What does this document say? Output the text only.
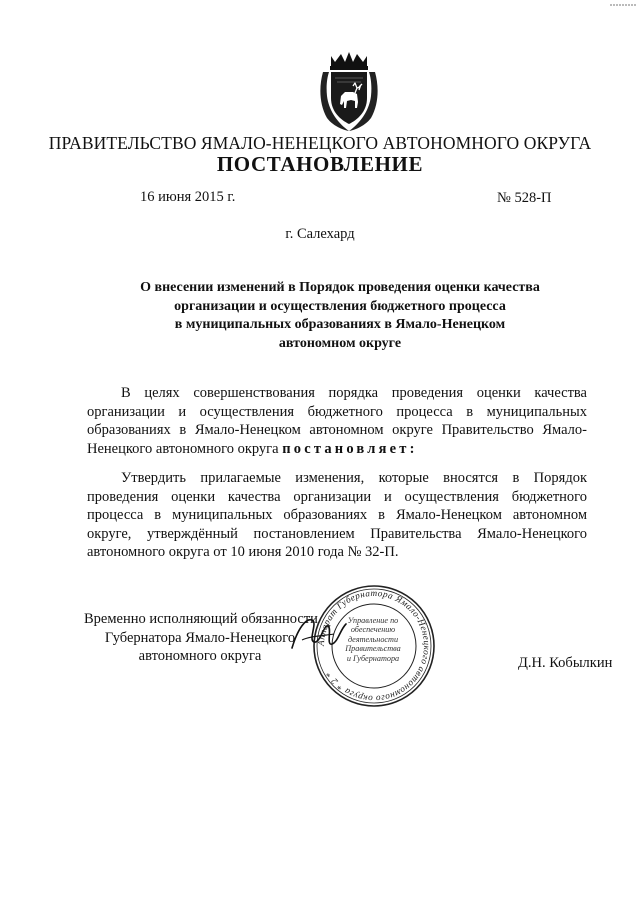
ПРАВИТЕЛЬСТВО ЯМАЛО-НЕНЕЦКОГО АВТОНОМНОГО ОКРУГА
ПОСТАНОВЛЕНИЕ
16 июня 2015 г.	№ 528-П
г. Салехард
О внесении изменений в Порядок проведения оценки качества
организации и осуществления бюджетного процесса
в муниципальных образованиях в Ямало-Ненецком
автономном округе
В целях совершенствования порядка проведения оценки качества организации и осуществления бюджетного процесса в муниципальных образованиях в Ямало-Ненецком автономном округе Правительство Ямало-Ненецкого автономного округа постановляет:
Утвердить прилагаемые изменения, которые вносятся в Порядок проведения оценки качества организации и осуществления бюджетного процесса в муниципальных образованиях в Ямало-Ненецком автономном округе, утверждённый постановлением Правительства Ямало-Ненецкого автономного округа от 10 июня 2010 года № 32-П.
Временно исполняющий обязанности
Губернатора Ямало-Ненецкого
автономного округа
Аппарат Губернатора Ямало-Ненецкого автономного округа * 2 *
Управление по
обеспечению
деятельности
Правительства
и Губернатора	Д.Н. Кобылкин
